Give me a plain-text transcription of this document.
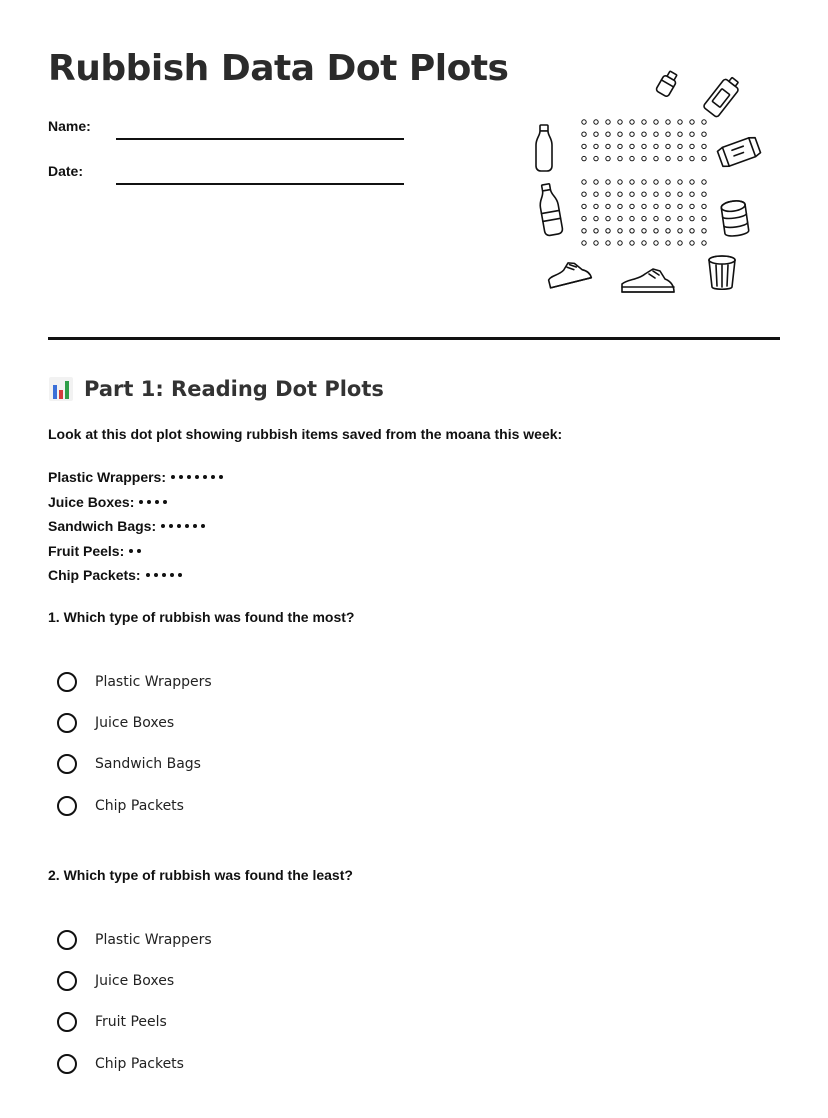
Rubbish Data Dot Plots
Name:
Date:
Part 1: Reading Dot Plots
Look at this dot plot showing rubbish items saved from the moana this week:
Plastic Wrappers:
Juice Boxes:
Sandwich Bags:
Fruit Peels:
Chip Packets:
1. Which type of rubbish was found the most?
Plastic Wrappers
Juice Boxes
Sandwich Bags
Chip Packets
2. Which type of rubbish was found the least?
Plastic Wrappers
Juice Boxes
Fruit Peels
Chip Packets
